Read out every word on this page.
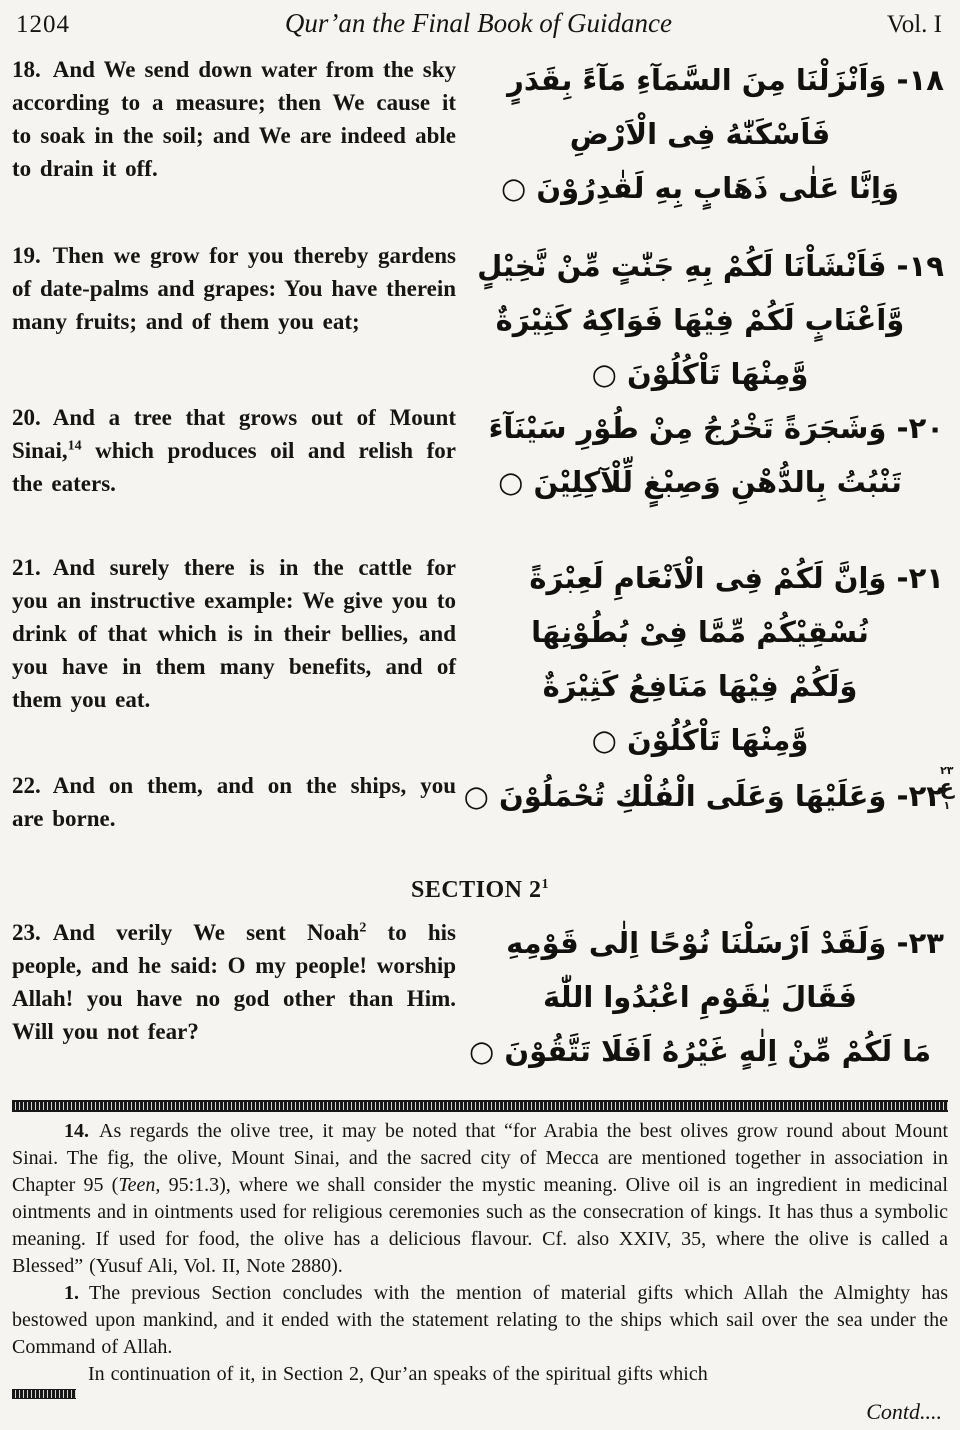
1204	Qur’an the Final Book of Guidance	Vol. I

18. And We send down water from the sky according to a measure; then We cause it to soak in the soil; and We are indeed able to drain it off.

١٨- وَاَنْزَلْنَا مِنَ السَّمَآءِ مَآءً بِقَدَرٍ
فَاَسْكَنّٰهُ فِى الْاَرْضِ
وَاِنَّا عَلٰى ذَهَابٍ بِهِ لَقٰدِرُوْنَ ○

19. Then we grow for you thereby gardens of date-palms and grapes: You have therein many fruits; and of them you eat;

١٩- فَاَنْشَاْنَا لَكُمْ بِهِ جَنّٰتٍ مِّنْ نَّخِيْلٍ
وَّاَعْنَابٍ لَكُمْ فِيْهَا فَوَاكِهُ كَثِيْرَةٌ
وَّمِنْهَا تَاْكُلُوْنَ ○

20. And a tree that grows out of Mount Sinai,$^{14}$ which produces oil and relish for the eaters.

٢٠- وَشَجَرَةً تَخْرُجُ مِنْ طُوْرِ سَيْنَآءَ
تَنْبُتُ بِالدُّهْنِ وَصِبْغٍ لِّلْآكِلِيْنَ ○

21. And surely there is in the cattle for you an instructive example: We give you to drink of that which is in their bellies, and you have in them many benefits, and of them you eat.

٢١- وَاِنَّ لَكُمْ فِى الْاَنْعَامِ لَعِبْرَةً
نُسْقِيْكُمْ مِّمَّا فِىْ بُطُوْنِهَا
وَلَكُمْ فِيْهَا مَنَافِعُ كَثِيْرَةٌ
وَّمِنْهَا تَاْكُلُوْنَ ○

22. And on them, and on the ships, you are borne.

٢٢- وَعَلَيْهَا وَعَلَى الْفُلْكِ تُحْمَلُوْنَ ○
٢٣
ع
١
SECTION $2^1$

23. And verily We sent Noah$^2$ to his people, and he said: O my people! worship Allah! you have no god other than Him. Will you not fear?

٢٣- وَلَقَدْ اَرْسَلْنَا نُوْحًا اِلٰى قَوْمِهِ
فَقَالَ يٰقَوْمِ اعْبُدُوا اللّٰهَ
مَا لَكُمْ مِّنْ اِلٰهٍ غَيْرُهُ اَفَلَا تَتَّقُوْنَ ○

14. As regards the olive tree, it may be noted that “for Arabia the best olives grow round about Mount Sinai. The fig, the olive, Mount Sinai, and the sacred city of Mecca are mentioned together in association in Chapter 95 (Teen, 95:1.3), where we shall consider the mystic meaning. Olive oil is an ingredient in medicinal ointments and in ointments used for religious ceremonies such as the consecration of kings. It has thus a symbolic meaning. If used for food, the olive has a delicious flavour. Cf. also XXIV, 35, where the olive is called a Blessed” (Yusuf Ali, Vol. II, Note 2880).

1. The previous Section concludes with the mention of material gifts which Allah the Almighty has bestowed upon mankind, and it ended with the statement relating to the ships which sail over the sea under the Command of Allah.

In continuation of it, in Section 2, Qur’an speaks of the spiritual gifts which

Contd....
